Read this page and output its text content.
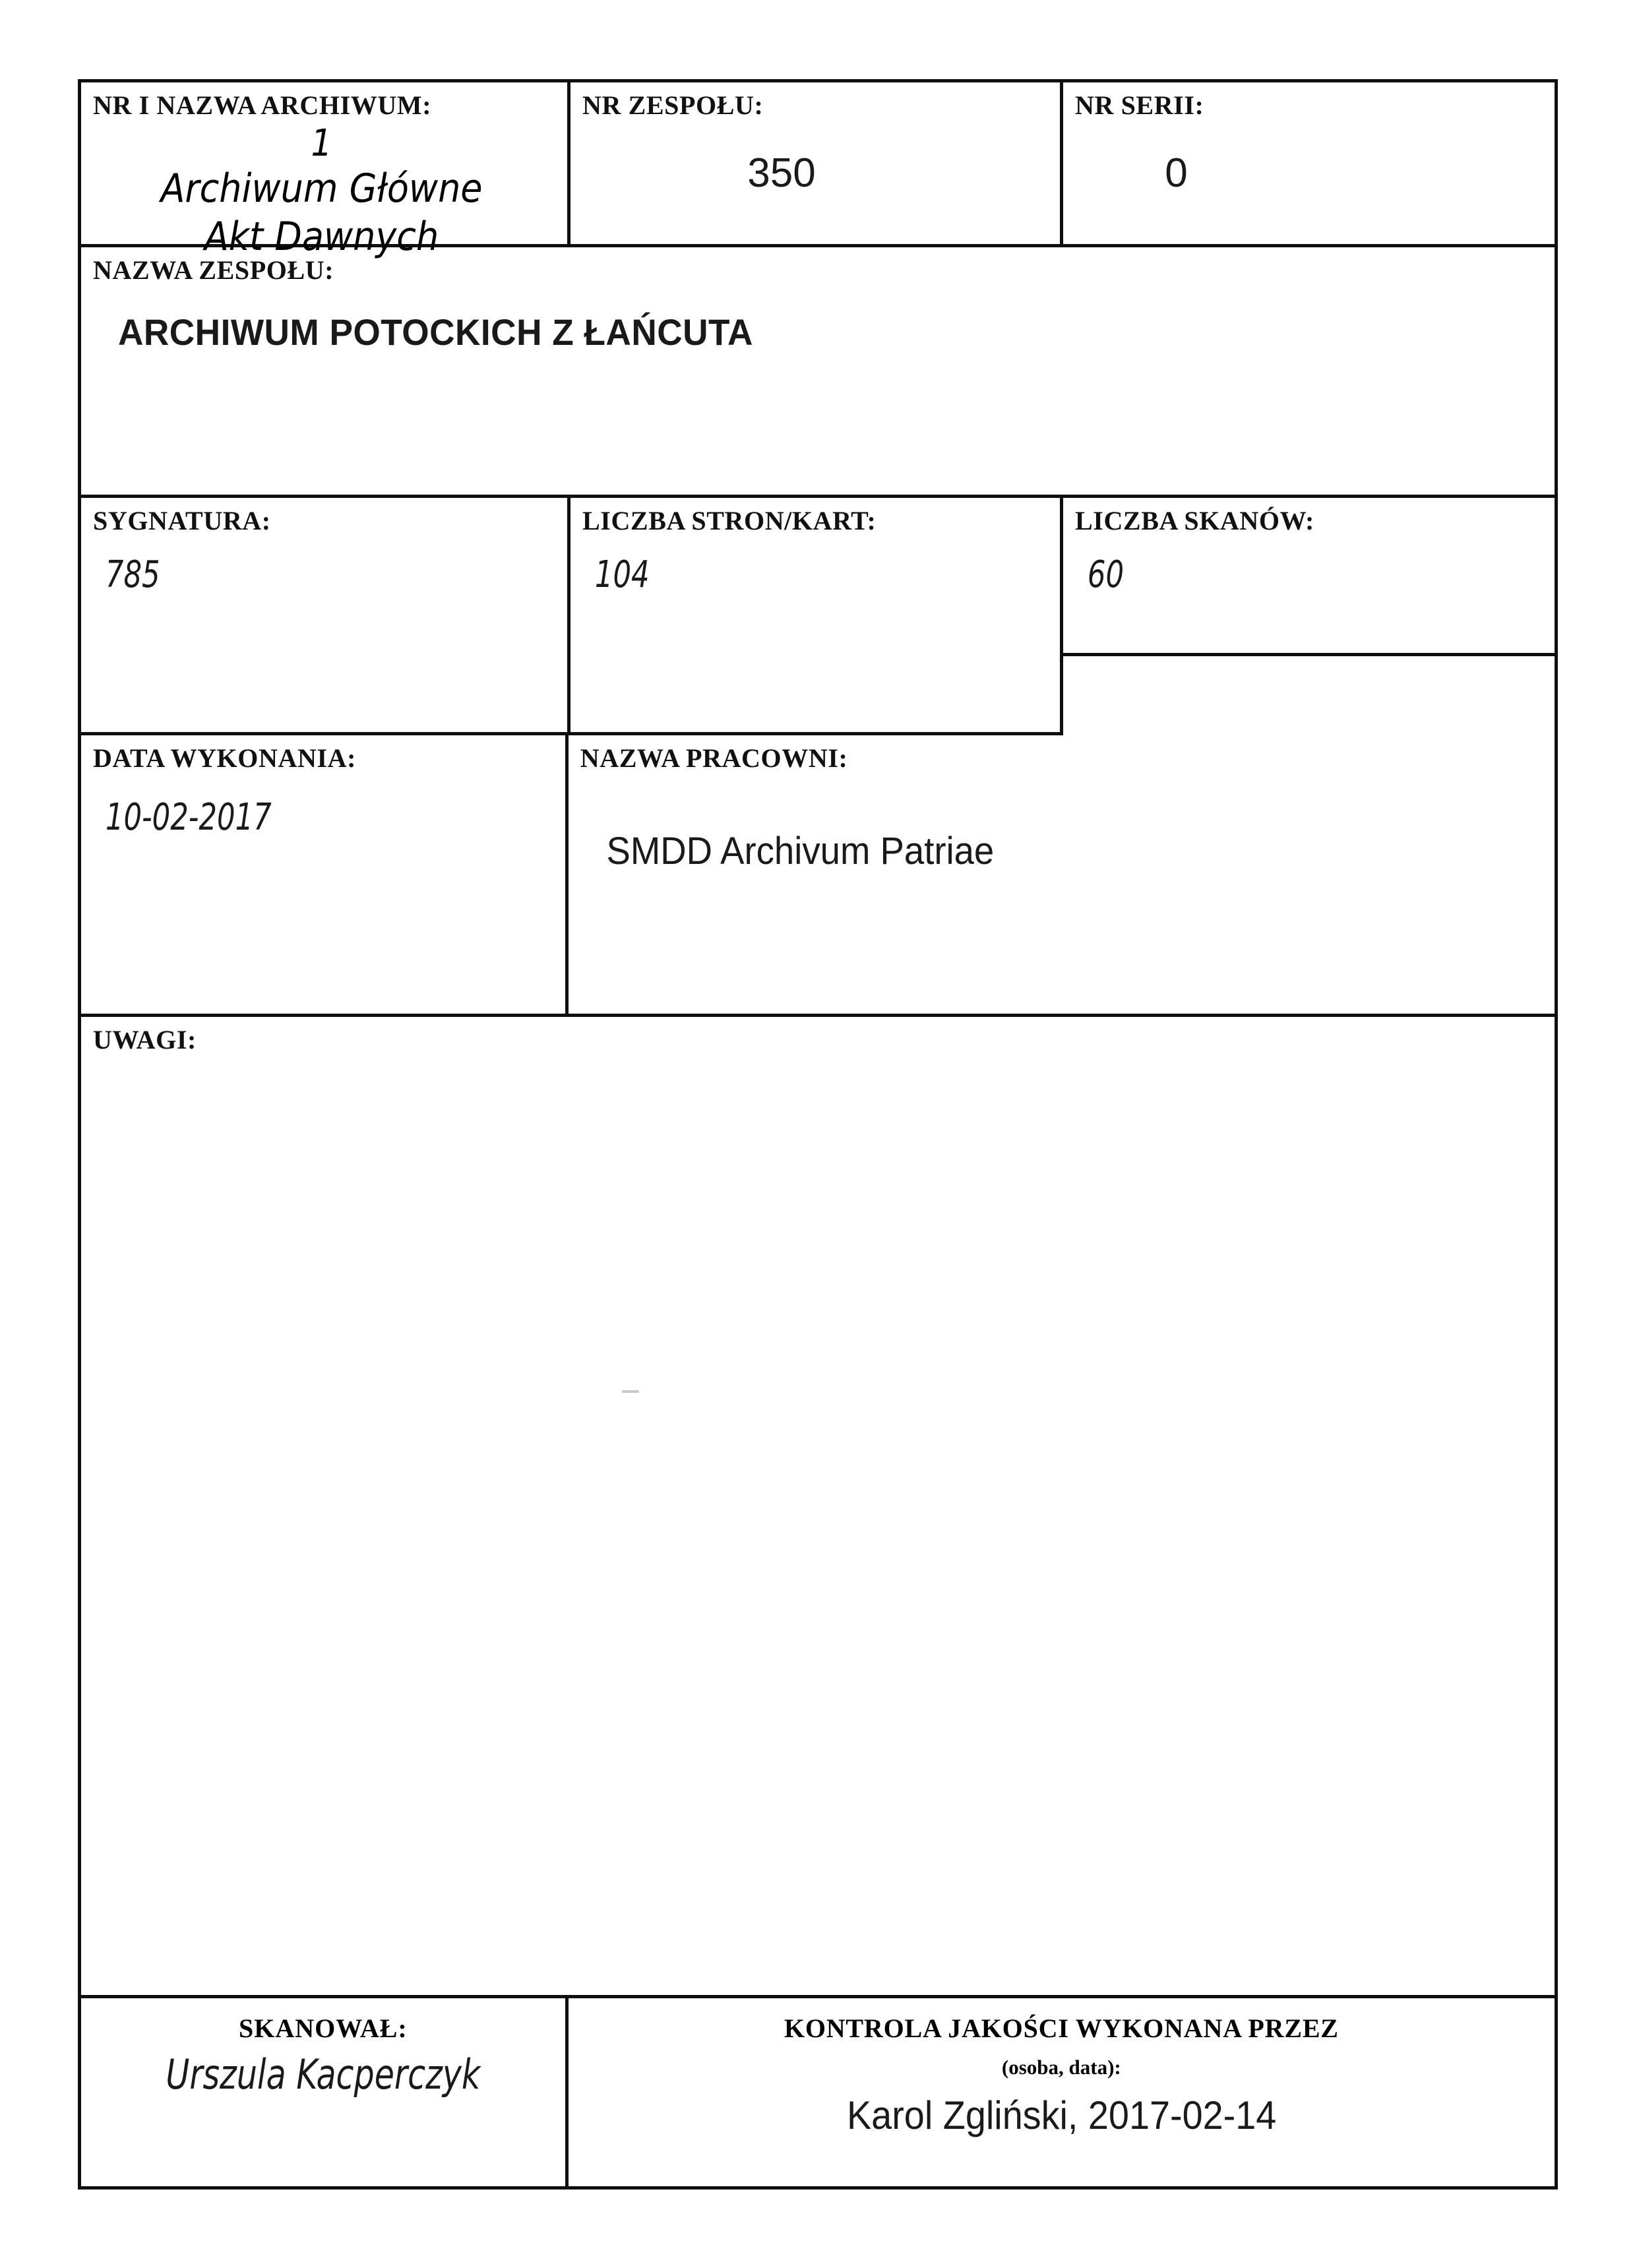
NR I NAZWA ARCHIWUM:
1
Archiwum Główne
Akt Dawnych
NR ZESPOŁU:
350
NR SERII:
0
NAZWA ZESPOŁU:
ARCHIWUM POTOCKICH Z ŁAŃCUTA
SYGNATURA:
785
LICZBA STRON/KART:
104
LICZBA SKANÓW:
60
DATA WYKONANIA:
10-02-2017
NAZWA PRACOWNI:
SMDD Archivum Patriae
UWAGI:
SKANOWAŁ:
Urszula Kacperczyk
KONTROLA JAKOŚCI WYKONANA PRZEZ
(osoba, data):
Karol Zgliński, 2017-02-14
